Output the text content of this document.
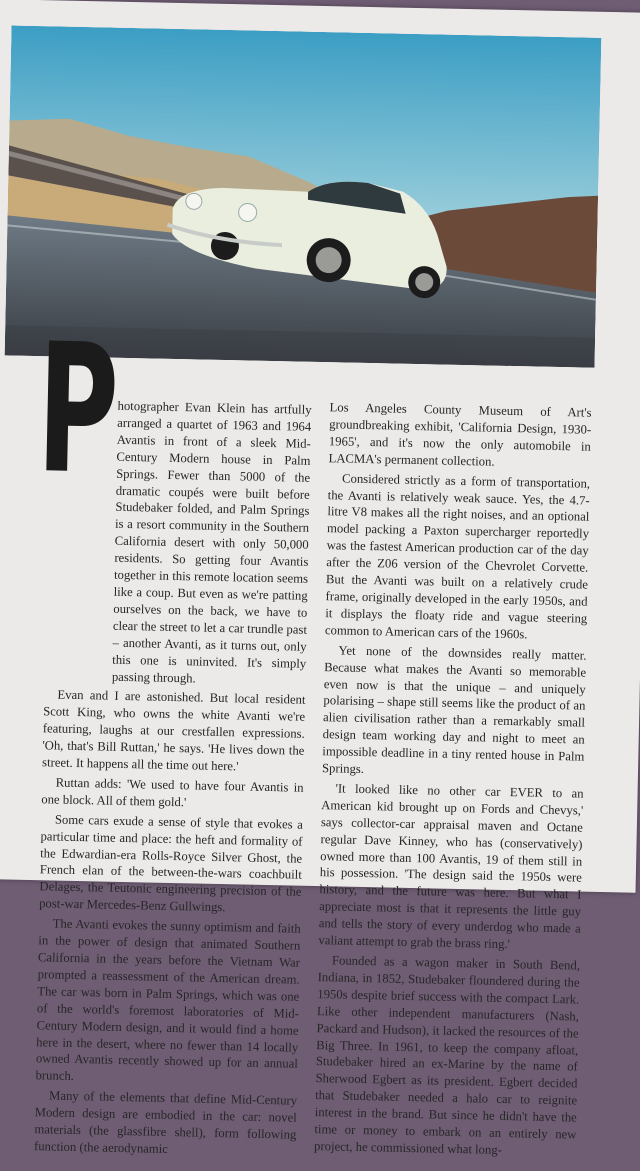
P

hotographer Evan Klein has artfully arranged a quartet of 1963 and 1964 Avantis in front of a sleek Mid-Century Modern house in Palm Springs. Fewer than 5000 of the dramatic coupés were built before Studebaker folded, and Palm Springs is a resort community in the Southern California desert with only 50,000 residents. So getting four Avantis together in this remote location seems like a coup. But even as we're patting ourselves on the back, we have to clear the street to let a car trundle past – another Avanti, as it turns out, only this one is uninvited. It's simply passing through.

Evan and I are astonished. But local resident Scott King, who owns the white Avanti we're featuring, laughs at our crestfallen expressions. 'Oh, that's Bill Ruttan,' he says. 'He lives down the street. It happens all the time out here.'

Ruttan adds: 'We used to have four Avantis in one block. All of them gold.'

Some cars exude a sense of style that evokes a particular time and place: the heft and formality of the Edwardian-era Rolls-Royce Silver Ghost, the French elan of the between-the-wars coachbuilt Delages, the Teutonic engineering precision of the post-war Mercedes-Benz Gullwings.

The Avanti evokes the sunny optimism and faith in the power of design that animated Southern California in the years before the Vietnam War prompted a reassessment of the American dream. The car was born in Palm Springs, which was one of the world's foremost laboratories of Mid-Century Modern design, and it would find a home here in the desert, where no fewer than 14 locally owned Avantis recently showed up for an annual brunch.

Many of the elements that define Mid-Century Modern design are embodied in the car: novel materials (the glassfibre shell), form following function (the aerodynamic

Los Angeles County Museum of Art's groundbreaking exhibit, 'California Design, 1930-1965', and it's now the only automobile in LACMA's permanent collection.

Considered strictly as a form of transportation, the Avanti is relatively weak sauce. Yes, the 4.7-litre V8 makes all the right noises, and an optional model packing a Paxton supercharger reportedly was the fastest American production car of the day after the Z06 version of the Chevrolet Corvette. But the Avanti was built on a relatively crude frame, originally developed in the early 1950s, and it displays the floaty ride and vague steering common to American cars of the 1960s.

Yet none of the downsides really matter. Because what makes the Avanti so memorable even now is that the unique – and uniquely polarising – shape still seems like the product of an alien civilisation rather than a remarkably small design team working day and night to meet an impossible deadline in a tiny rented house in Palm Springs.

'It looked like no other car EVER to an American kid brought up on Fords and Chevys,' says collector-car appraisal maven and Octane regular Dave Kinney, who has (conservatively) owned more than 100 Avantis, 19 of them still in his possession. 'The design said the 1950s were history, and the future was here. But what I appreciate most is that it represents the little guy and tells the story of every underdog who made a valiant attempt to grab the brass ring.'

Founded as a wagon maker in South Bend, Indiana, in 1852, Studebaker floundered during the 1950s despite brief success with the compact Lark. Like other independent manufacturers (Nash, Packard and Hudson), it lacked the resources of the Big Three. In 1961, to keep the company afloat, Studebaker hired an ex-Marine by the name of Sherwood Egbert as its president. Egbert decided that Studebaker needed a halo car to reignite interest in the brand. But since he didn't have the time or money to embark on an entirely new project, he commissioned what long-
